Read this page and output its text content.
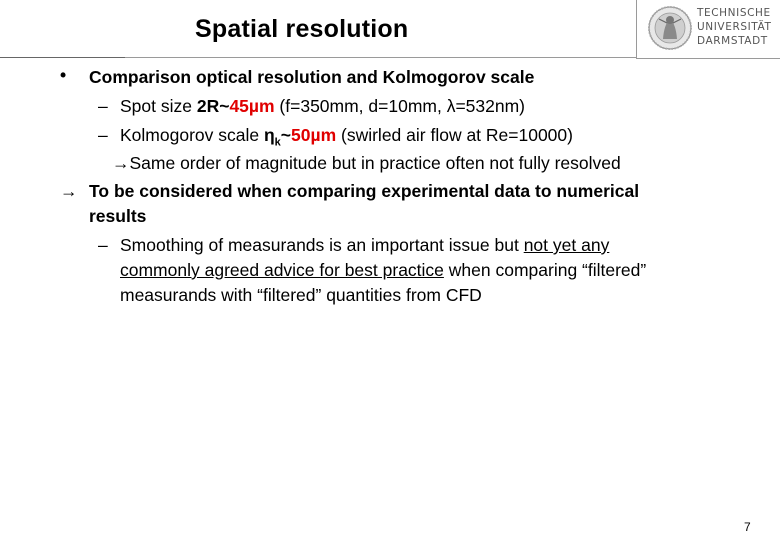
Spatial resolution
TECHNISCHE
UNIVERSITÄT
DARMSTADT
• Comparison optical resolution and Kolmogorov scale
– Spot size 2R~45µm (f=350mm, d=10mm, λ=532nm)
– Kolmogorov scale $\eta_k\sim 50\mu m$ (swirled air flow at Re=10000)
→Same order of magnitude but in practice often not fully resolved
→ To be considered when comparing experimental data to numerical
results
– Smoothing of measurands is an important issue but not yet any
commonly agreed advice for best practice when comparing “filtered”
measurands with “filtered” quantities from CFD
7
